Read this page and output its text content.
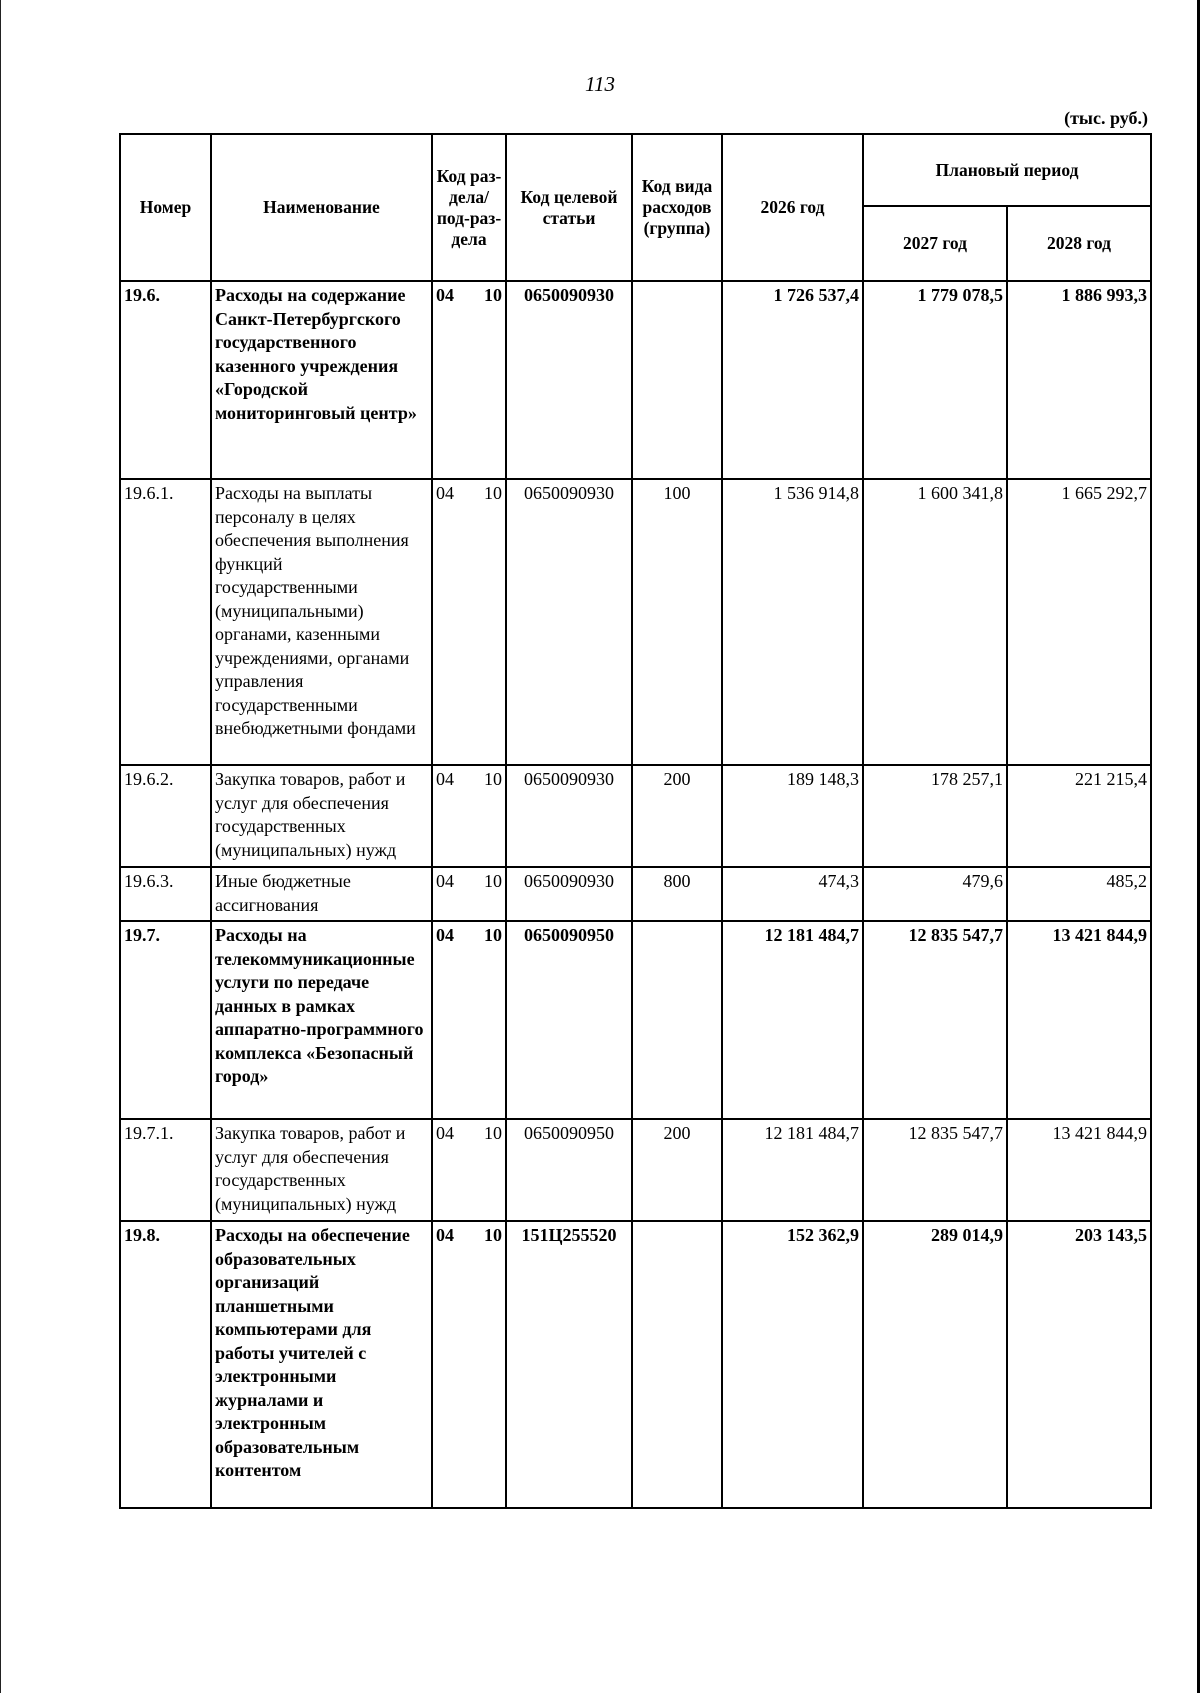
113
(тыс. руб.)
Номер	Наименование	Код раз-дела/ под-раз-дела	Код целевой статьи	Код вида расходов (группа)	2026 год	Плановый период	
						2027 год	2028 год
19.6.	Расходы на содержание Санкт-Петербургского государственного казенного учреждения «Городской мониторинговый центр»	04 10	0650090930		1 726 537,4	1 779 078,5	1 886 993,3
19.6.1.	Расходы на выплаты персоналу в целях обеспечения выполнения функций государственными (муниципальными) органами, казенными учреждениями, органами управления государственными внебюджетными фондами	04 10	0650090930	100	1 536 914,8	1 600 341,8	1 665 292,7
19.6.2.	Закупка товаров, работ и услуг для обеспечения государственных (муниципальных) нужд	04 10	0650090930	200	189 148,3	178 257,1	221 215,4
19.6.3.	Иные бюджетные ассигнования	04 10	0650090930	800	474,3	479,6	485,2
19.7.	Расходы на телекоммуникационные услуги по передаче данных в рамках аппаратно-программного комплекса «Безопасный город»	04 10	0650090950		12 181 484,7	12 835 547,7	13 421 844,9
19.7.1.	Закупка товаров, работ и услуг для обеспечения государственных (муниципальных) нужд	04 10	0650090950	200	12 181 484,7	12 835 547,7	13 421 844,9
19.8.	Расходы на обеспечение образовательных организаций планшетными компьютерами для работы учителей с электронными журналами и электронным образовательным контентом	04 10	151Ц255520		152 362,9	289 014,9	203 143,5
